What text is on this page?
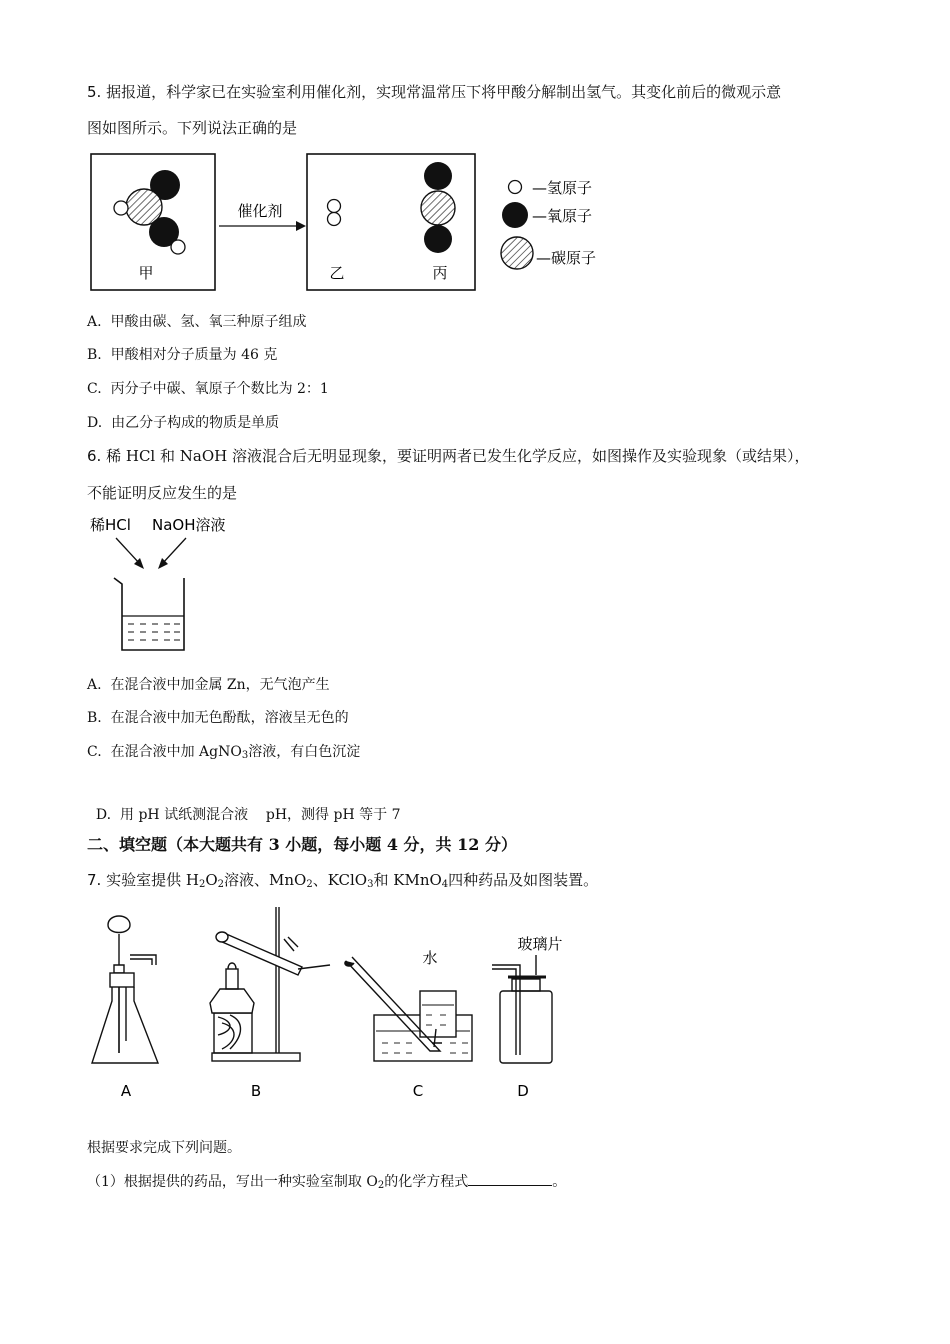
5. 据报道，科学家已在实验室利用催化剂，实现常温常压下将甲酸分解制出氢气。其变化前后的微观示意
图如图所示。下列说法正确的是
甲
催化剂
乙	丙
—氢原子
—氧原子
—碳原子
A. 甲酸由碳、氢、氧三种原子组成
B. 甲酸相对分子质量为 46 克
C. 丙分子中碳、氧原子个数比为 2：1
D. 由乙分子构成的物质是单质
6. 稀 HCl 和 NaOH 溶液混合后无明显现象，要证明两者已发生化学反应，如图操作及实验现象（或结果），
不能证明反应发生的是
稀HCl NaOH溶液
A. 在混合液中加金属 Zn，无气泡产生
B. 在混合液中加无色酚酞，溶液呈无色的
C. 在混合液中加 AgNO$_3$溶液，有白色沉淀

D. 用 pH 试纸测混合液    pH，测得 pH 等于 7

二、填空题（本大题共有 3 小题，每小题 4 分，共 12 分）
7. 实验室提供 $H_2O_2$溶液、MnO$_2$、KClO$_3$和 KMnO$_4$四种药品及如图装置。
A	B
水
C
玻璃片
D
根据要求完成下列问题。
（1）根据提供的药品，写出一种实验室制取 $O_2$的化学方程式	。
